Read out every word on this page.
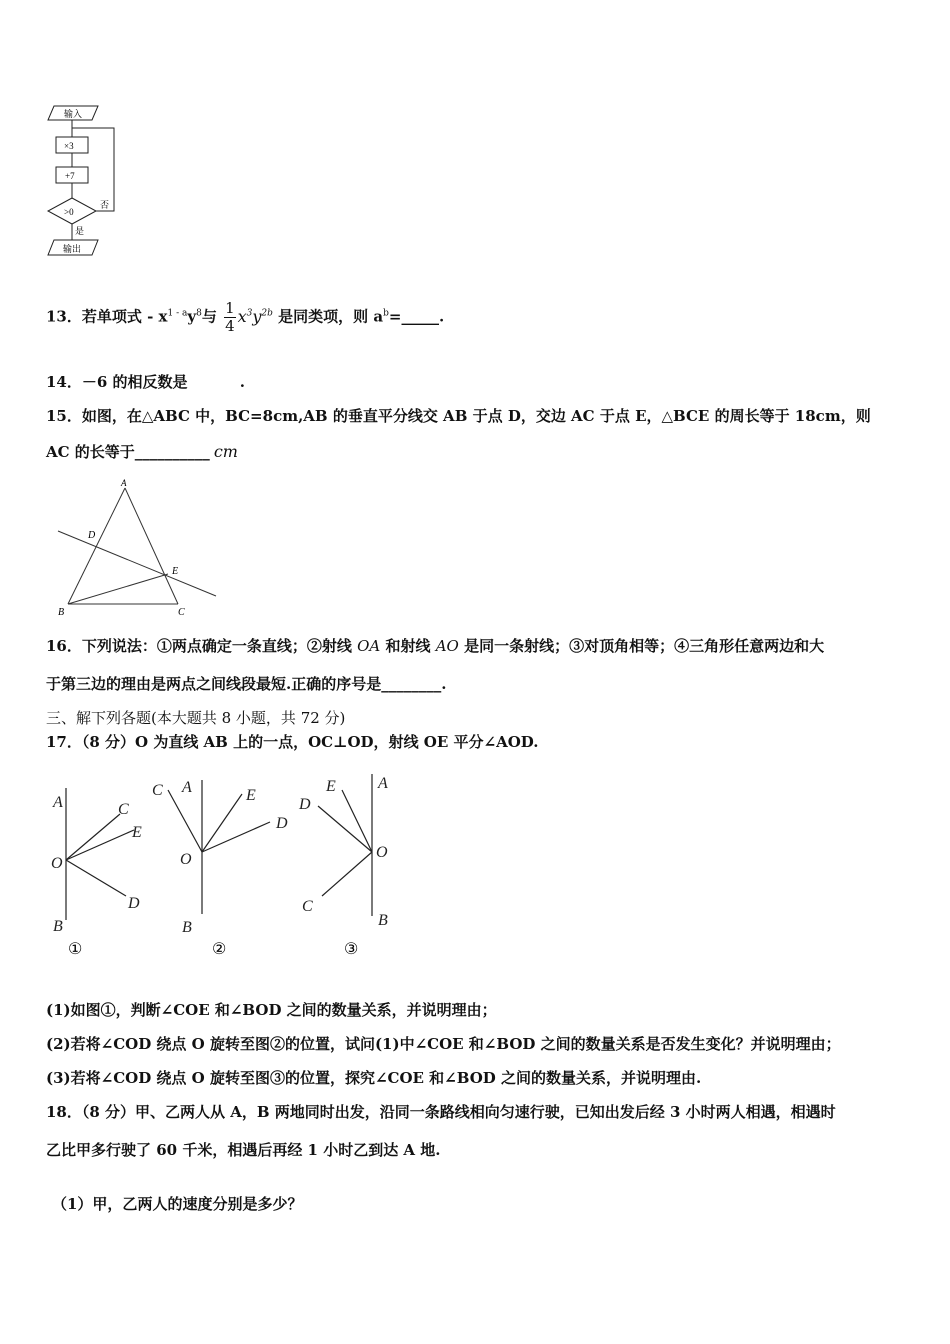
输入
×3
+7
>0
否
是
输出
13．若单项式 - $x^{1 - a}y^8$与 $\frac{1}{4} x^3y^{2b}$ 是同类项，则 $a^b=\_\_\_\_\_$.
14．－6 的相反数是          .
15．如图，在△ABC 中，BC=8cm,AB 的垂直平分线交 AB 于点 D，交边 AC 于点 E，△BCE 的周长等于 18cm，则
AC 的长等于__________ cm
A
D
E
B	C
16．下列说法：①两点确定一条直线；②射线 OA 和射线 AO 是同一条射线；③对顶角相等；④三角形任意两边和大
于第三边的理由是两点之间线段最短.正确的序号是________.
三、解下列各题(本大题共 8 小题，共 72 分)
17．（8 分）O 为直线 AB 上的一点，OC⊥OD，射线 OE 平分∠AOD.
A	C
E
O
D
B
①
C A	E
D
O
B
②
E	A
D
O
C
B
③
(1)如图①，判断∠COE 和∠BOD 之间的数量关系，并说明理由；
(2)若将∠COD 绕点 O 旋转至图②的位置，试问(1)中∠COE 和∠BOD 之间的数量关系是否发生变化？并说明理由；
(3)若将∠COD 绕点 O 旋转至图③的位置，探究∠COE 和∠BOD 之间的数量关系，并说明理由.
18．（8 分）甲、乙两人从 A，B 两地同时出发，沿同一条路线相向匀速行驶，已知出发后经 3 小时两人相遇，相遇时
乙比甲多行驶了 60 千米，相遇后再经 1 小时乙到达 A 地.
（1）甲，乙两人的速度分别是多少？
